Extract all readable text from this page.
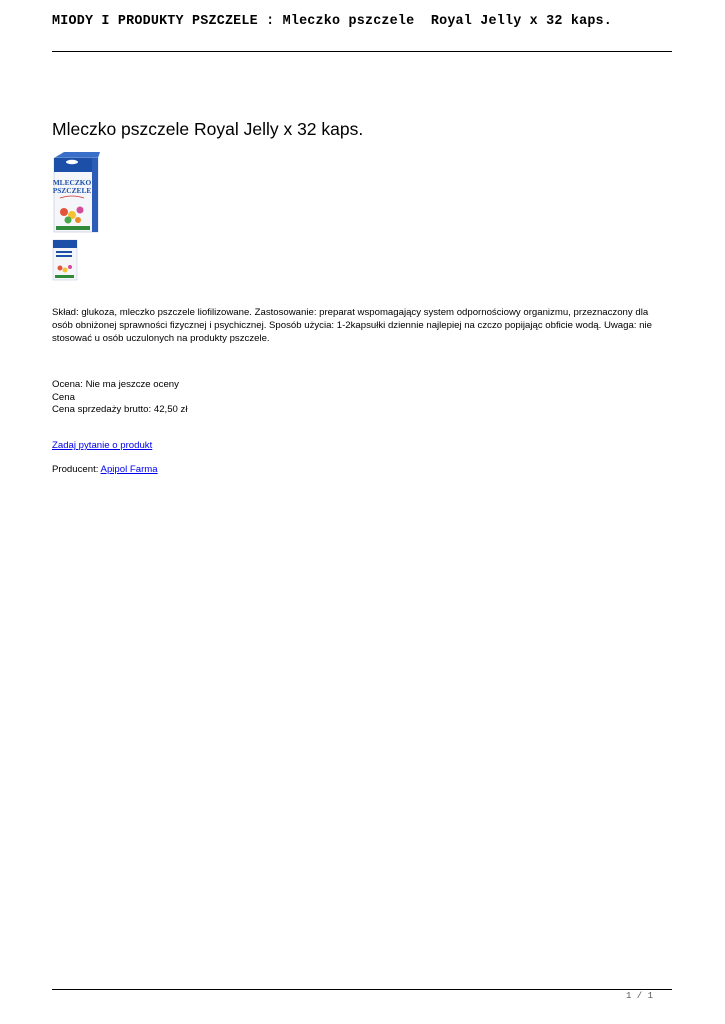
MIODY I PRODUKTY PSZCZELE : Mleczko pszczele  Royal Jelly x 32 kaps.
Mleczko pszczele Royal Jelly x 32 kaps.
MLECZKO
PSZCZELE

Skład: glukoza, mleczko pszczele liofilizowane. Zastosowanie: preparat wspomagający system odpornościowy organizmu, przeznaczony dla osób obniżonej sprawności fizycznej i psychicznej. Sposób użycia: 1-2kapsułki dziennie najlepiej na czczo popijając obficie wodą. Uwaga: nie stosować u osób uczulonych na produkty pszczele.

Ocena: Nie ma jeszcze oceny
Cena
Cena sprzedaży brutto: 42,50 zł
Zadaj pytanie o produkt
Producent: Apipol Farma
1 / 1
